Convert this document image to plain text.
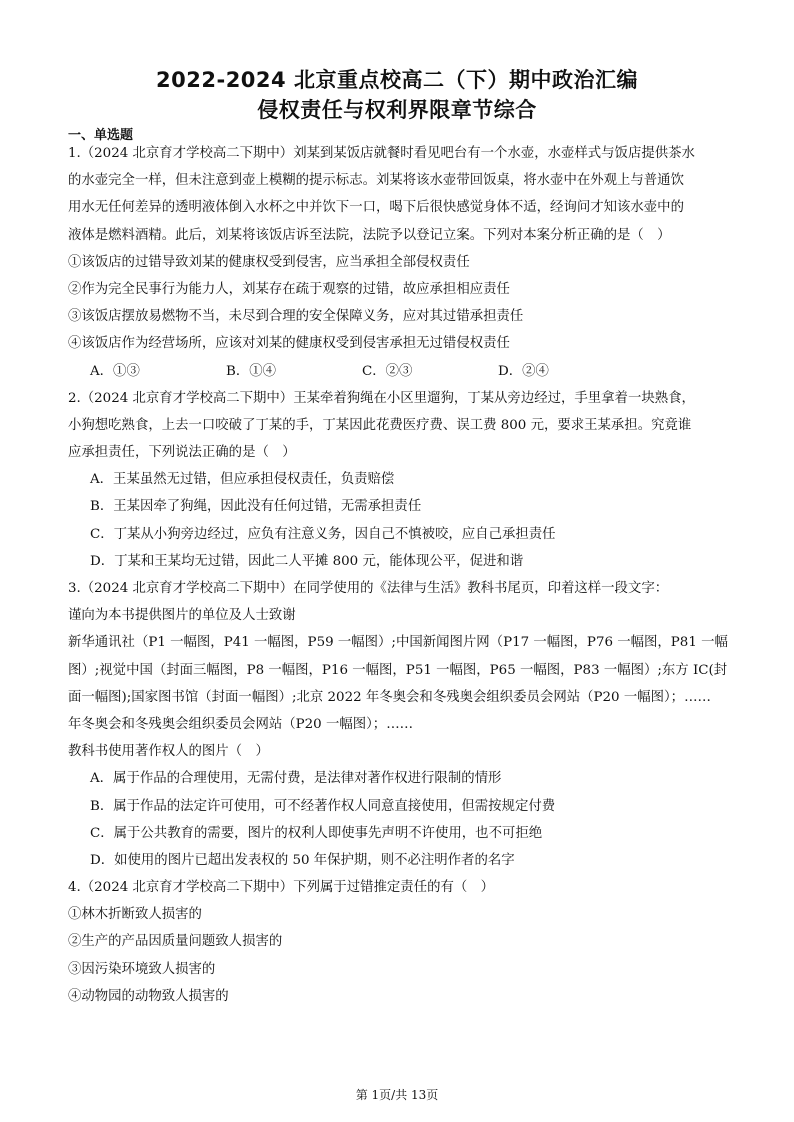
2022-2024 北京重点校高二（下）期中政治汇编
侵权责任与权利界限章节综合
一、单选题
1.（2024 北京育才学校高二下期中）刘某到某饭店就餐时看见吧台有一个水壶，水壶样式与饭店提供茶水
的水壶完全一样，但未注意到壶上模糊的提示标志。刘某将该水壶带回饭桌，将水壶中在外观上与普通饮
用水无任何差异的透明液体倒入水杯之中并饮下一口，喝下后很快感觉身体不适，经询问才知该水壶中的
液体是燃料酒精。此后，刘某将该饭店诉至法院，法院予以登记立案。下列对本案分析正确的是（　）
①该饭店的过错导致刘某的健康权受到侵害，应当承担全部侵权责任
②作为完全民事行为能力人，刘某存在疏于观察的过错，故应承担相应责任
③该饭店摆放易燃物不当，未尽到合理的安全保障义务，应对其过错承担责任
④该饭店作为经营场所，应该对刘某的健康权受到侵害承担无过错侵权责任
A．①③	B．①④	C．②③	D．②④
2.（2024 北京育才学校高二下期中）王某牵着狗绳在小区里遛狗，丁某从旁边经过，手里拿着一块熟食，
小狗想吃熟食，上去一口咬破了丁某的手，丁某因此花费医疗费、误工费 800 元，要求王某承担。究竟谁
应承担责任，下列说法正确的是（　）
A．王某虽然无过错，但应承担侵权责任，负责赔偿
B．王某因牵了狗绳，因此没有任何过错，无需承担责任
C．丁某从小狗旁边经过，应负有注意义务，因自己不慎被咬，应自己承担责任
D．丁某和王某均无过错，因此二人平摊 800 元，能体现公平，促进和谐
3.（2024 北京育才学校高二下期中）在同学使用的《法律与生活》教科书尾页，印着这样一段文字：
谨向为本书提供图片的单位及人士致谢
新华通讯社（P1 一幅图，P41 一幅图，P59 一幅图）;中国新闻图片网（P17 一幅图，P76 一幅图，P81 一幅
图）;视觉中国（封面三幅图，P8 一幅图，P16 一幅图，P51 一幅图，P65 一幅图，P83 一幅图）;东方 IC(封
面一幅图);国家图书馆（封面一幅图）;北京 2022 年冬奥会和冬残奥会组织委员会网站（P20 一幅图）；……
年冬奥会和冬残奥会组织委员会网站（P20 一幅图）；……
教科书使用著作权人的图片（　）
A．属于作品的合理使用，无需付费，是法律对著作权进行限制的情形
B．属于作品的法定许可使用，可不经著作权人同意直接使用，但需按规定付费
C．属于公共教育的需要，图片的权利人即使事先声明不许使用，也不可拒绝
D．如使用的图片已超出发表权的 50 年保护期，则不必注明作者的名字
4.（2024 北京育才学校高二下期中）下列属于过错推定责任的有（　）
①林木折断致人损害的
②生产的产品因质量问题致人损害的
③因污染环境致人损害的
④动物园的动物致人损害的
第 1页/共 13页
